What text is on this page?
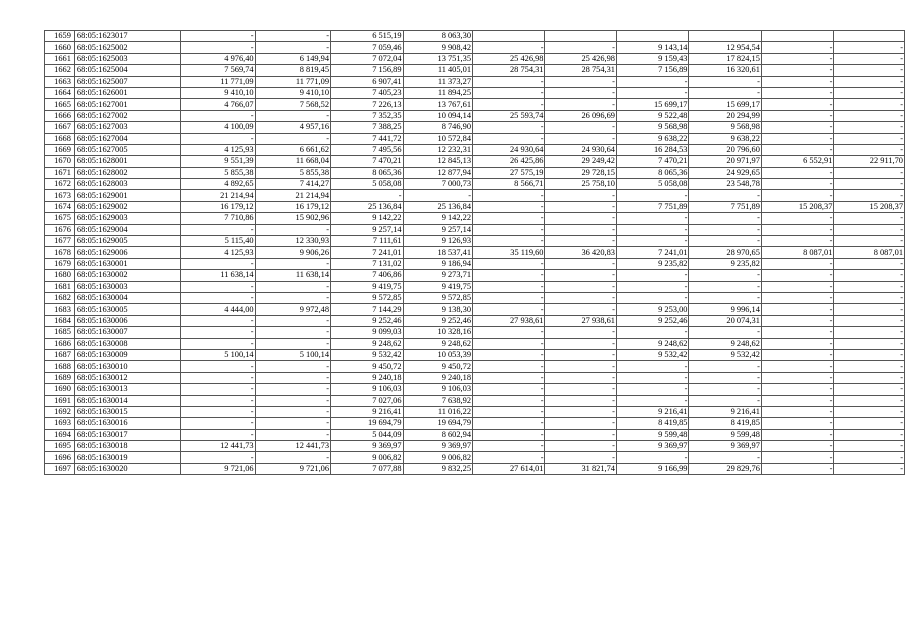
1659	68:05:1623017	-	-	6 515,19	8 063,30						
1660	68:05:1625002	-	-	7 059,46	9 908,42	-	-	9 143,14	12 954,54	-	-
1661	68:05:1625003	4 976,40	6 149,94	7 072,04	13 751,35	25 426,98	25 426,98	9 159,43	17 824,15	-	-
1662	68:05:1625004	7 569,74	8 819,45	7 156,89	11 405,01	28 754,31	28 754,31	7 156,89	16 320,61	-	-
1663	68:05:1625007	11 771,09	11 771,09	6 907,41	11 373,27	-	-	-	-	-	-
1664	68:05:1626001	9 410,10	9 410,10	7 405,23	11 894,25	-	-	-	-	-	-
1665	68:05:1627001	4 766,07	7 568,52	7 226,13	13 767,61	-	-	15 699,17	15 699,17	-	-
1666	68:05:1627002	-	-	7 352,35	10 094,14	25 593,74	26 096,69	9 522,48	20 294,99	-	-
1667	68:05:1627003	4 100,09	4 957,16	7 388,25	8 746,90	-	-	9 568,98	9 568,98	-	-
1668	68:05:1627004	-	-	7 441,72	10 572,84	-	-	9 638,22	9 638,22	-	-
1669	68:05:1627005	4 125,93	6 661,62	7 495,56	12 232,31	24 930,64	24 930,64	16 284,53	20 796,60	-	-
1670	68:05:1628001	9 551,39	11 668,04	7 470,21	12 845,13	26 425,86	29 249,42	7 470,21	20 971,97	6 552,91	22 911,70
1671	68:05:1628002	5 855,38	5 855,38	8 065,36	12 877,94	27 575,19	29 728,15	8 065,36	24 929,65	-	-
1672	68:05:1628003	4 892,65	7 414,27	5 058,08	7 000,73	8 566,71	25 758,10	5 058,08	23 548,78	-	-
1673	68:05:1629001	21 214,94	21 214,94	-	-	-	-	-	-	-	-
1674	68:05:1629002	16 179,12	16 179,12	25 136,84	25 136,84	-	-	7 751,89	7 751,89	15 208,37	15 208,37
1675	68:05:1629003	7 710,86	15 902,96	9 142,22	9 142,22	-	-	-	-	-	-
1676	68:05:1629004	-	-	9 257,14	9 257,14	-	-	-	-	-	-
1677	68:05:1629005	5 115,40	12 330,93	7 111,61	9 126,93	-	-	-	-	-	-
1678	68:05:1629006	4 125,93	9 906,26	7 241,01	18 537,41	35 119,60	36 420,83	7 241,01	28 970,65	8 087,01	8 087,01
1679	68:05:1630001	-	-	7 131,02	9 186,94	-	-	9 235,82	9 235,82	-	-
1680	68:05:1630002	11 638,14	11 638,14	7 406,86	9 273,71	-	-	-	-	-	-
1681	68:05:1630003	-	-	9 419,75	9 419,75	-	-	-	-	-	-
1682	68:05:1630004	-	-	9 572,85	9 572,85	-	-	-	-	-	-
1683	68:05:1630005	4 444,00	9 972,48	7 144,29	9 138,30	-	-	9 253,00	9 996,14	-	-
1684	68:05:1630006	-	-	9 252,46	9 252,46	27 938,61	27 938,61	9 252,46	20 074,31	-	-
1685	68:05:1630007	-	-	9 099,03	10 328,16	-	-	-	-	-	-
1686	68:05:1630008	-	-	9 248,62	9 248,62	-	-	9 248,62	9 248,62	-	-
1687	68:05:1630009	5 100,14	5 100,14	9 532,42	10 053,39	-	-	9 532,42	9 532,42	-	-
1688	68:05:1630010	-	-	9 450,72	9 450,72	-	-	-	-	-	-
1689	68:05:1630012	-	-	9 240,18	9 240,18	-	-	-	-	-	-
1690	68:05:1630013	-	-	9 106,03	9 106,03	-	-	-	-	-	-
1691	68:05:1630014	-	-	7 027,06	7 638,92	-	-	-	-	-	-
1692	68:05:1630015	-	-	9 216,41	11 016,22	-	-	9 216,41	9 216,41	-	-
1693	68:05:1630016	-	-	19 694,79	19 694,79	-	-	8 419,85	8 419,85	-	-
1694	68:05:1630017	-	-	5 044,09	8 602,94	-	-	9 599,48	9 599,48	-	-
1695	68:05:1630018	12 441,73	12 441,73	9 369,97	9 369,97	-	-	9 369,97	9 369,97	-	-
1696	68:05:1630019	-	-	9 006,82	9 006,82	-	-	-	-	-	-
1697	68:05:1630020	9 721,06	9 721,06	7 077,88	9 832,25	27 614,01	31 821,74	9 166,99	29 829,76	-	-
